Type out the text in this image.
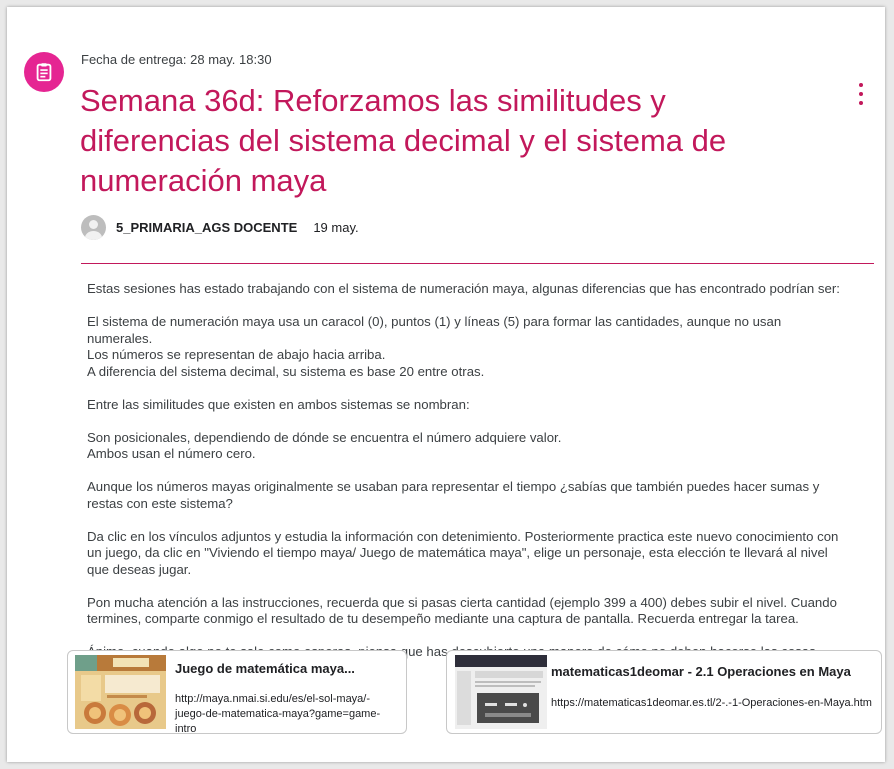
Fecha de entrega: 28 may. 18:30
Semana 36d: Reforzamos las similitudes y diferencias del sistema decimal y el sistema de numeración maya
5_PRIMARIA_AGS DOCENTE 19 may.

Estas sesiones has estado trabajando con el sistema de numeración maya, algunas diferencias que has encontrado podrían ser:

El sistema de numeración maya usa un caracol (0), puntos (1) y líneas (5) para formar las cantidades, aunque no usan numerales.
Los números se representan de abajo hacia arriba.
A diferencia del sistema decimal, su sistema es base 20 entre otras.

Entre las similitudes que existen en ambos sistemas se nombran:

Son posicionales, dependiendo de dónde se encuentra el número adquiere valor.
Ambos usan el número cero.

Aunque los números mayas originalmente se usaban para representar el tiempo ¿sabías que también puedes hacer sumas y restas con este sistema?

Da clic en los vínculos adjuntos y estudia la información con detenimiento. Posteriormente practica este nuevo conocimiento con un juego, da clic en "Viviendo el tiempo maya/ Juego de matemática maya", elige un personaje, esta elección te llevará al nivel que deseas jugar.

Pon mucha atención a las instrucciones, recuerda que si pasas cierta cantidad (ejemplo 399 a 400) debes subir el nivel. Cuando termines, comparte conmigo el resultado de tu desempeño mediante una captura de pantalla. Recuerda entregar la tarea.

que has

Juego de matemática maya...
http://maya.nmai.si.edu/es/el-sol-maya/-juego-de-matematica-maya?game=game-intro
matematicas1deomar - 2.1 Operaciones en Maya
https://matematicas1deomar.es.tl/2-.-1-Operaciones-en-Maya.htm
